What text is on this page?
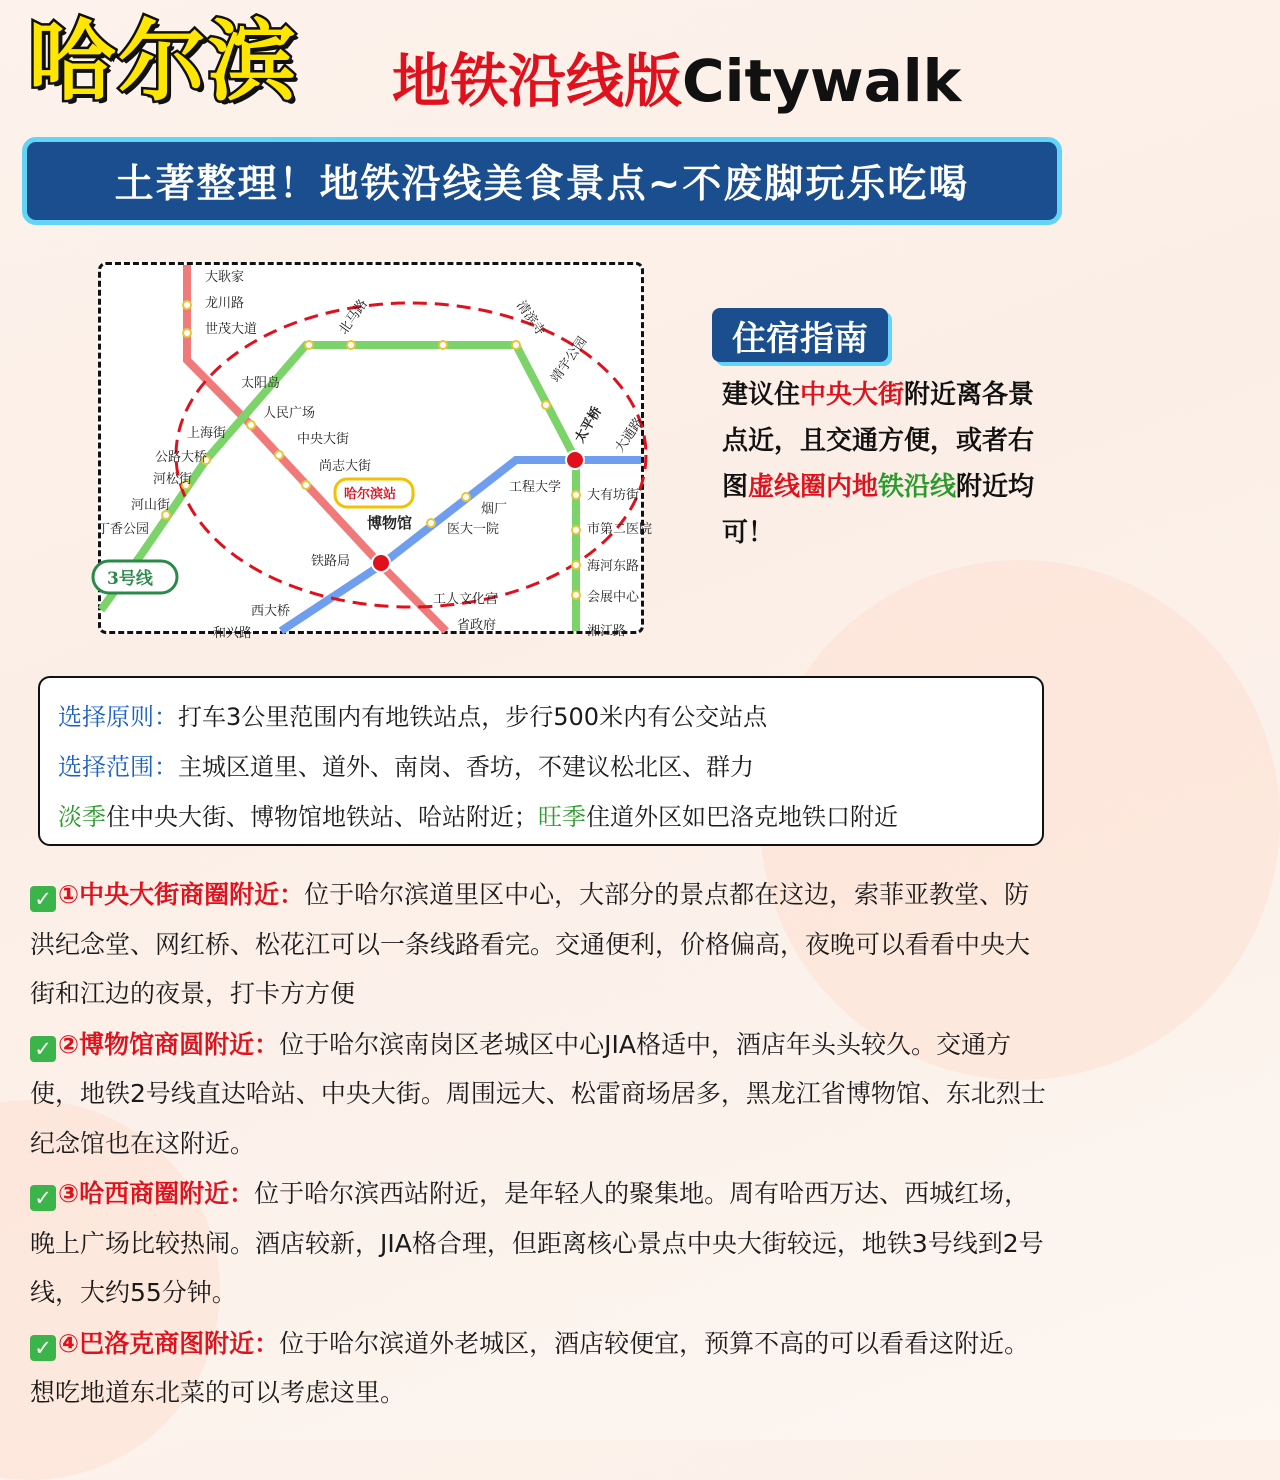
哈尔滨 地铁沿线版Citywalk
土著整理！地铁沿线美食景点~不废脚玩乐吃喝
哈尔滨站
3号线
大耿家
龙川路
世茂大道
太阳岛
人民广场
中央大街
尚志大街
博物馆
铁路局
工人文化宫
省政府
北马路	清滨寺
靖宇公园
太平桥
上海街
公路大桥
河松街
河山街
丁香公园
西大桥
和兴路
大有坊街
市第二医院
海河东路
会展中心
湘江路
工程大学
烟厂
医大一院
大通路
住宿指南
建议住中央大街附近离各景点近，且交通方便，或者右图虚线圈内地铁沿线附近均可！
选择原则：打车3公里范围内有地铁站点，步行500米内有公交站点
选择范围：主城区道里、道外、南岗、香坊，不建议松北区、群力
淡季住中央大街、博物馆地铁站、哈站附近；旺季住道外区如巴洛克地铁口附近
✓ ①中央大街商圈附近：位于哈尔滨道里区中心，大部分的景点都在这边，索菲亚教堂、防洪纪念堂、网红桥、松花江可以一条线路看完。交通便利，价格偏高，夜晚可以看看中央大街和江边的夜景，打卡方方便
✓ ②博物馆商圆附近：位于哈尔滨南岗区老城区中心JIA格适中，酒店年头头较久。交通方使，地铁2号线直达哈站、中央大街。周围远大、松雷商场居多，黑龙江省博物馆、东北烈士纪念馆也在这附近。
✓ ③哈西商圈附近：位于哈尔滨西站附近，是年轻人的聚集地。周有哈西万达、西城红场，晚上广场比较热闹。酒店较新，JIA格合理，但距离核心景点中央大街较远，地铁3号线到2号线，大约55分钟。
✓ ④巴洛克商图附近：位于哈尔滨道外老城区，酒店较便宜，预算不高的可以看看这附近。想吃地道东北菜的可以考虑这里。
